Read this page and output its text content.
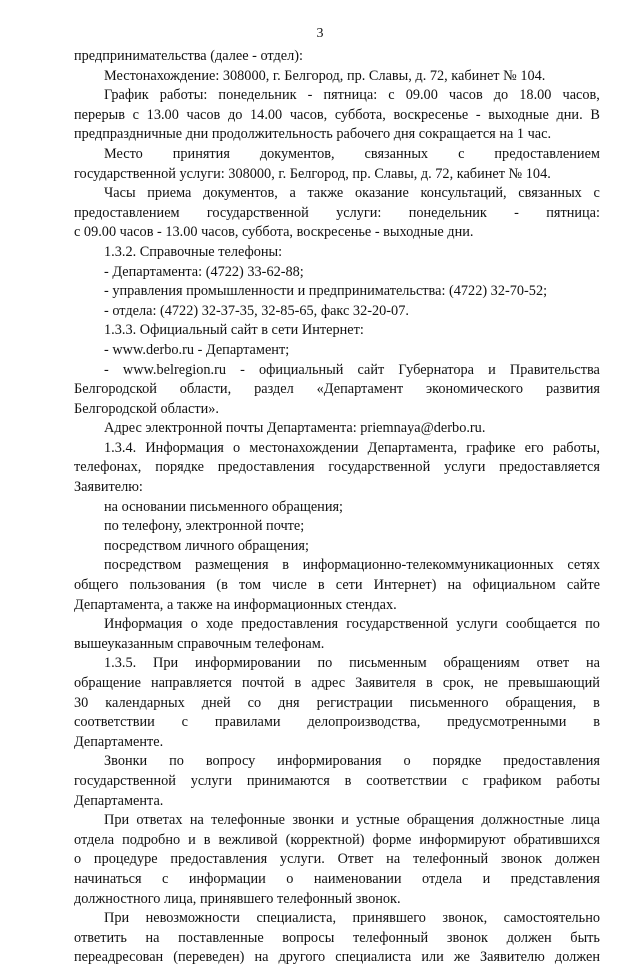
3
предпринимательства (далее - отдел):
Местонахождение: 308000, г. Белгород, пр. Славы, д. 72, кабинет № 104.
График работы: понедельник - пятница: с 09.00 часов до 18.00 часов,
перерыв с 13.00 часов до 14.00 часов, суббота, воскресенье - выходные дни. В
предпраздничные дни продолжительность рабочего дня сокращается на 1 час.
Место принятия документов, связанных с предоставлением
государственной услуги: 308000, г. Белгород, пр. Славы, д. 72, кабинет № 104.
Часы приема документов, а также оказание консультаций, связанных с
предоставлением государственной услуги: понедельник - пятница:
с 09.00 часов - 13.00 часов, суббота, воскресенье - выходные дни.
1.3.2. Справочные телефоны:
- Департамента: (4722) 33-62-88;
- управления промышленности и предпринимательства: (4722) 32-70-52;
- отдела: (4722) 32-37-35, 32-85-65, факс 32-20-07.
1.3.3. Официальный сайт в сети Интернет:
- www.derbo.ru - Департамент;
- www.belregion.ru - официальный сайт Губернатора и Правительства
Белгородской области, раздел «Департамент экономического развития
Белгородской области».
Адрес электронной почты Департамента: priemnaya@derbo.ru.
1.3.4. Информация о местонахождении Департамента, графике его работы,
телефонах, порядке предоставления государственной услуги предоставляется
Заявителю:
на основании письменного обращения;
по телефону, электронной почте;
посредством личного обращения;
посредством размещения в информационно-телекоммуникационных сетях
общего пользования (в том числе в сети Интернет) на официальном сайте
Департамента, а также на информационных стендах.
Информация о ходе предоставления государственной услуги сообщается по
вышеуказанным справочным телефонам.
1.3.5. При информировании по письменным обращениям ответ на
обращение направляется почтой в адрес Заявителя в срок, не превышающий
30 календарных дней со дня регистрации письменного обращения, в
соответствии с правилами делопроизводства, предусмотренными в
Департаменте.
Звонки по вопросу информирования о порядке предоставления
государственной услуги принимаются в соответствии с графиком работы
Департамента.
При ответах на телефонные звонки и устные обращения должностные лица
отдела подробно и в вежливой (корректной) форме информируют обратившихся
о процедуре предоставления услуги. Ответ на телефонный звонок должен
начинаться с информации о наименовании отдела и представления
должностного лица, принявшего телефонный звонок.
При невозможности специалиста, принявшего звонок, самостоятельно
ответить на поставленные вопросы телефонный звонок должен быть
переадресован (переведен) на другого специалиста или же Заявителю должен
